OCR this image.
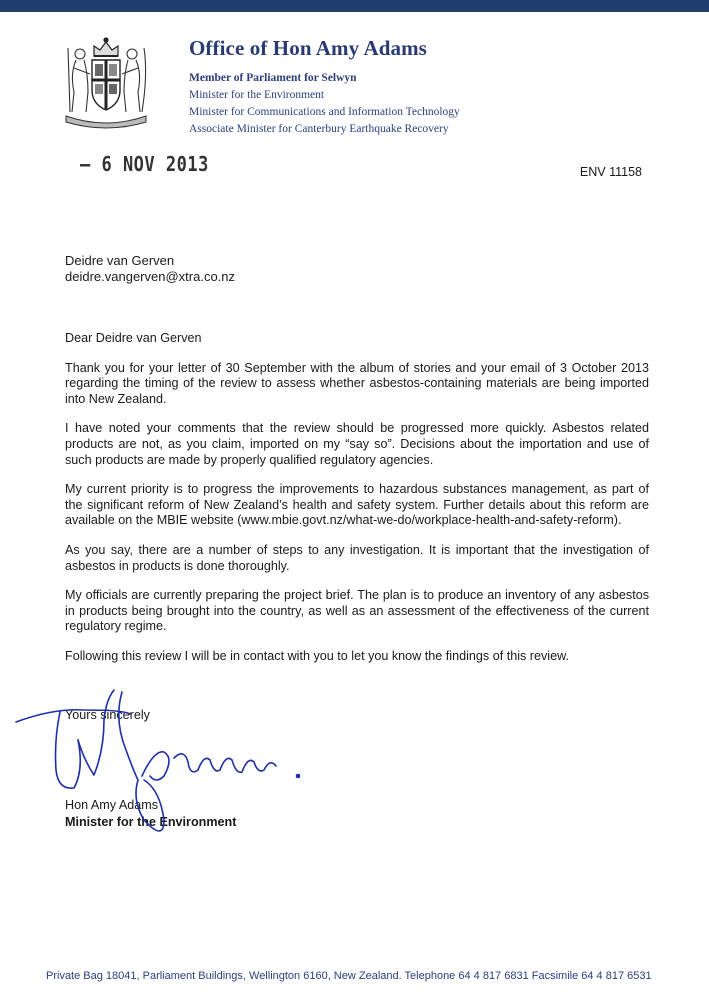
Office of Hon Amy Adams
Member of Parliament for Selwyn
Minister for the Environment
Minister for Communications and Information Technology
Associate Minister for Canterbury Earthquake Recovery
– 6 NOV 2013	ENV 11158
Deidre van Gerven
deidre.vangerven@xtra.co.nz

Dear Deidre van Gerven

Thank you for your letter of 30 September with the album of stories and your email of 3 October 2013 regarding the timing of the review to assess whether asbestos-containing materials are being imported into New Zealand.

I have noted your comments that the review should be progressed more quickly. Asbestos related products are not, as you claim, imported on my “say so”. Decisions about the importation and use of such products are made by properly qualified regulatory agencies.

My current priority is to progress the improvements to hazardous substances management, as part of the significant reform of New Zealand’s health and safety system. Further details about this reform are available on the MBIE website (www.mbie.govt.nz/what-we-do/workplace-health-and-safety-reform).

As you say, there are a number of steps to any investigation. It is important that the investigation of asbestos in products is done thoroughly.

My officials are currently preparing the project brief. The plan is to produce an inventory of any asbestos in products being brought into the country, as well as an assessment of the effectiveness of the current regulatory regime.

Following this review I will be in contact with you to let you know the findings of this review.

Yours sincerely
Hon Amy Adams
Minister for the Environment
Private Bag 18041, Parliament Buildings, Wellington 6160, New Zealand. Telephone 64 4 817 6831 Facsimile 64 4 817 6531
